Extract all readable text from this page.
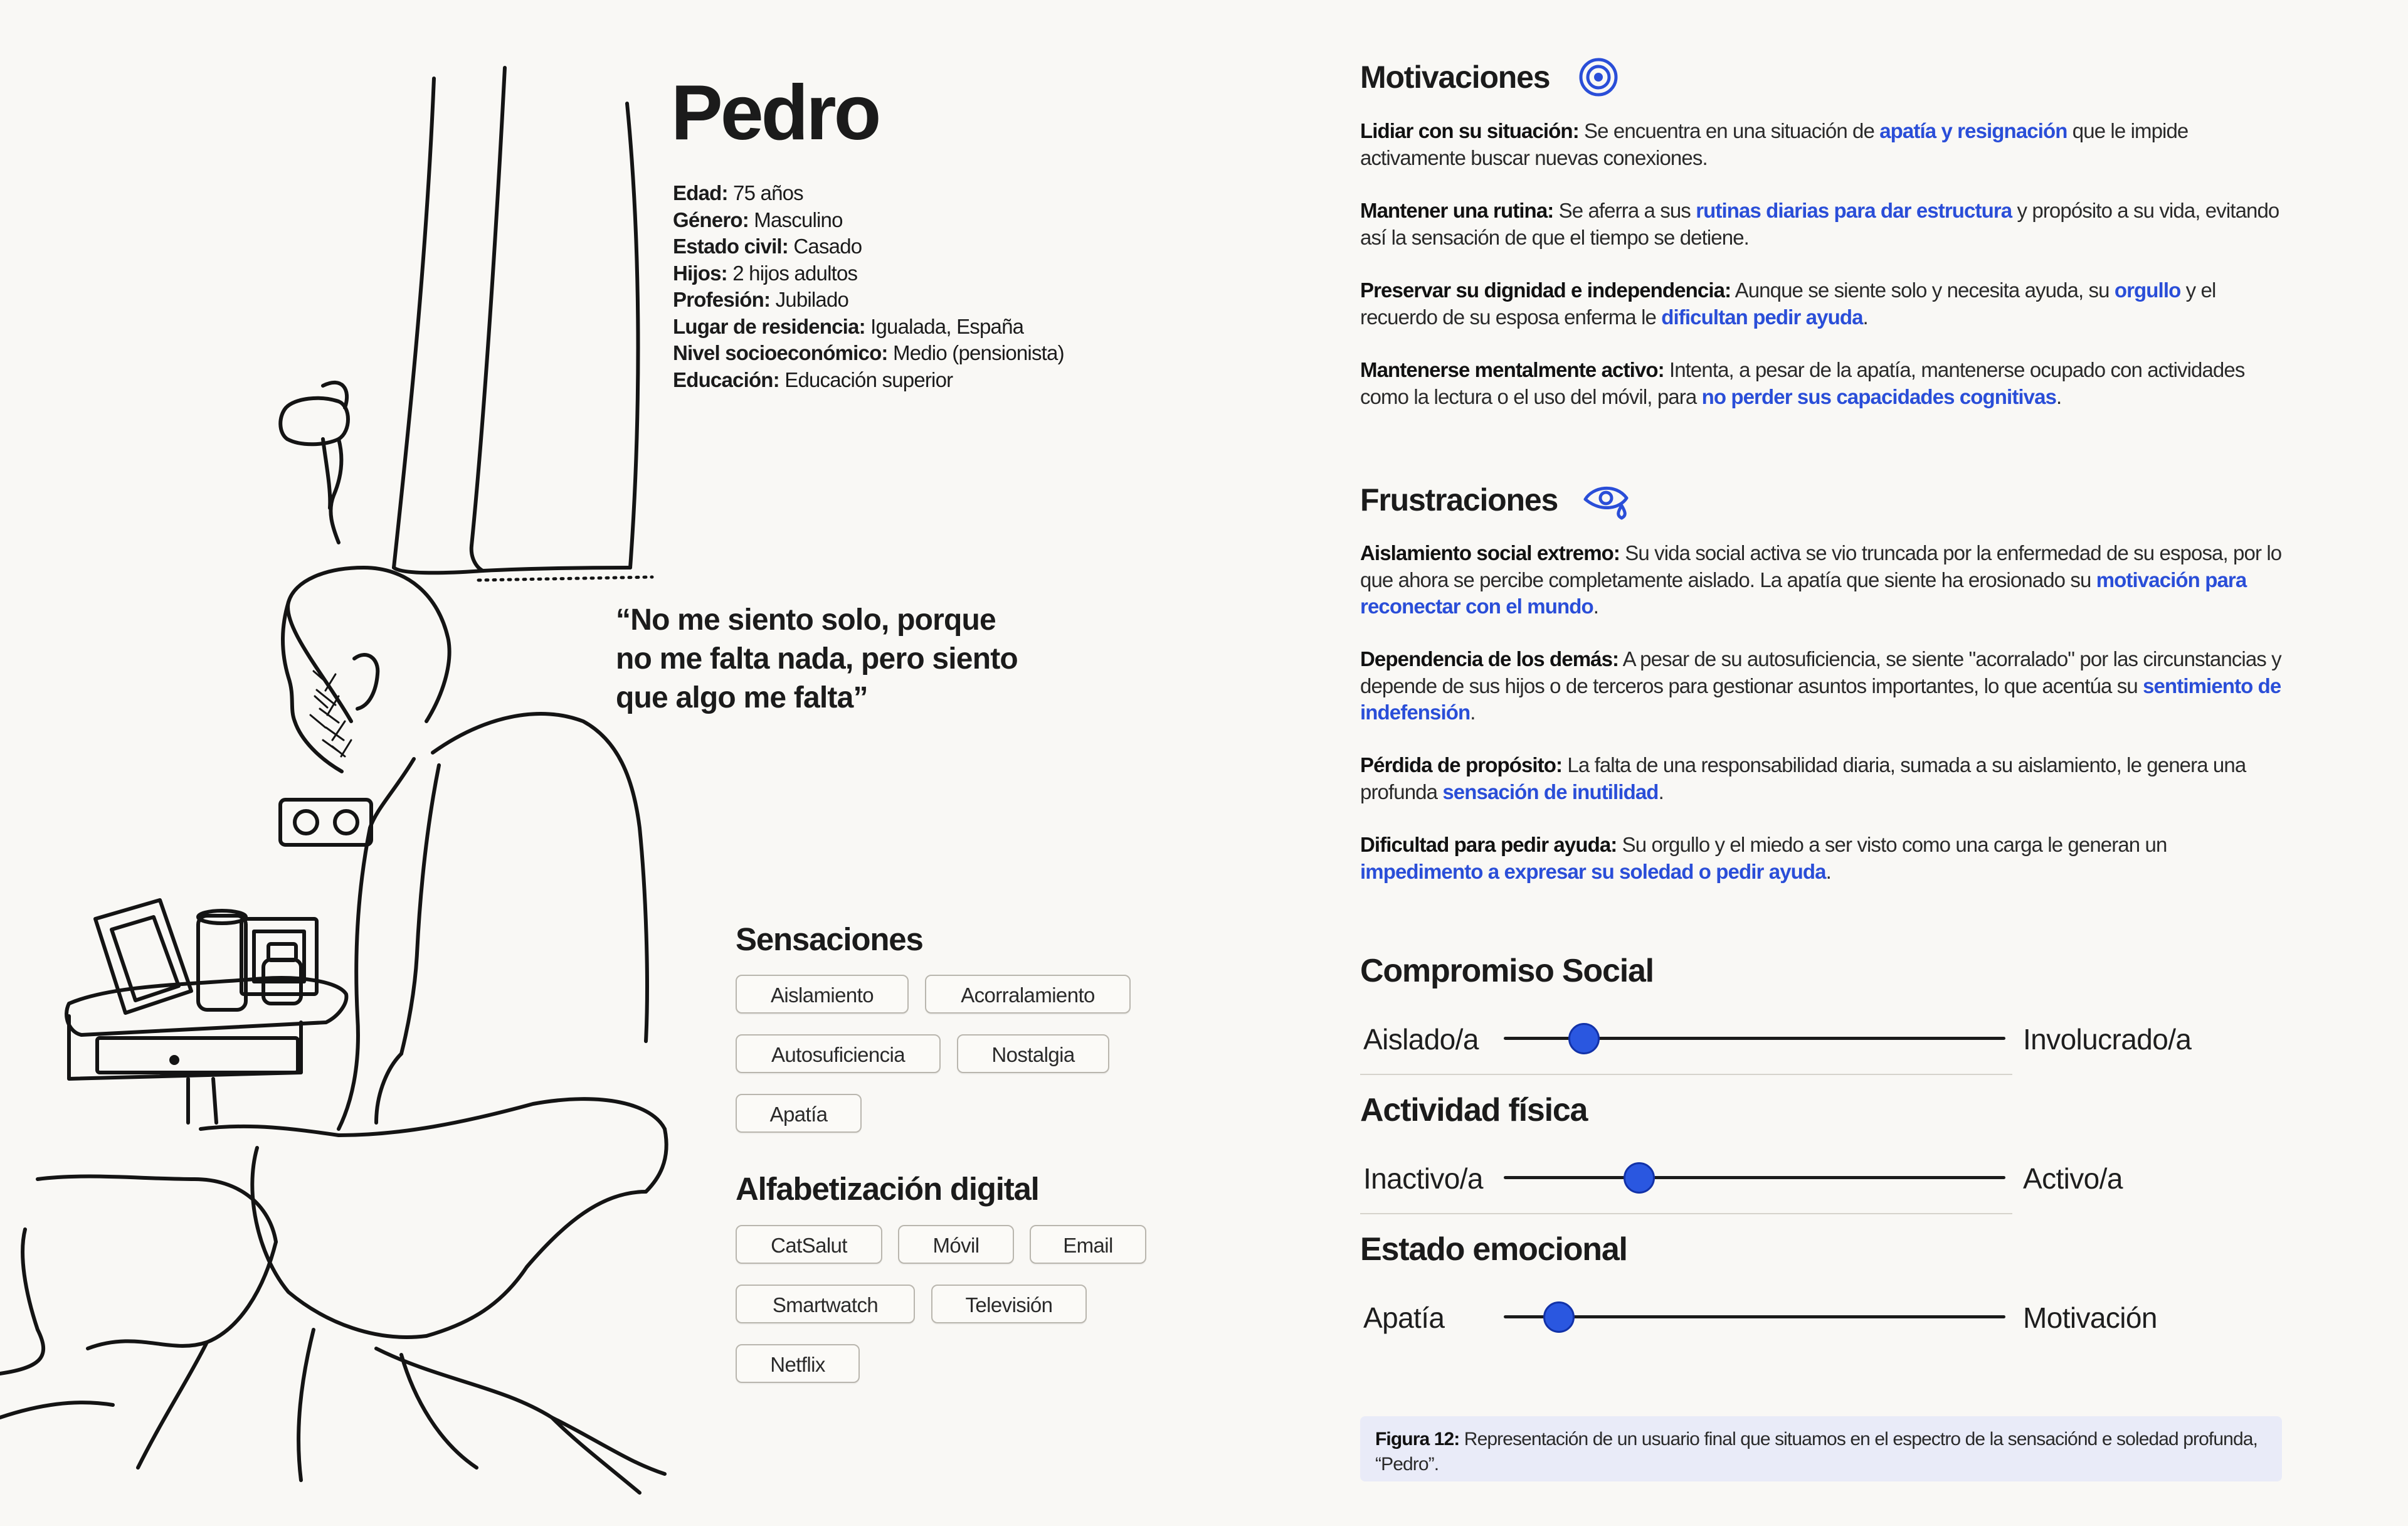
Pedro
Edad: 75 años
Género: Masculino
Estado civil: Casado
Hijos: 2 hijos adultos
Profesión: Jubilado
Lugar de residencia: Igualada, España
Nivel socioeconómico: Medio (pensionista)
Educación: Educación superior
“No me siento solo, porque
no me falta nada, pero siento
que algo me falta”
Sensaciones
Aislamiento	Acorralamiento
Autosuficiencia	Nostalgia
Apatía
Alfabetización digital
CatSalut	Móvil	Email
Smartwatch	Televisión
Netflix
Motivaciones
Lidiar con su situación: Se encuentra en una situación de apatía y resignación que le impide activamente buscar nuevas conexiones.
Mantener una rutina: Se aferra a sus rutinas diarias para dar estructura y propósito a su vida, evitando así la sensación de que el tiempo se detiene.
Preservar su dignidad e independencia: Aunque se siente solo y necesita ayuda, su orgullo y el recuerdo de su esposa enferma le dificultan pedir ayuda.
Mantenerse mentalmente activo: Intenta, a pesar de la apatía, mantenerse ocupado con actividades como la lectura o el uso del móvil, para no perder sus capacidades cognitivas.
Frustraciones
Aislamiento social extremo: Su vida social activa se vio truncada por la enfermedad de su esposa, por lo que ahora se percibe completamente aislado. La apatía que siente ha erosionado su motivación para reconectar con el mundo.
Dependencia de los demás: A pesar de su autosuficiencia, se siente "acorralado" por las circunstancias y depende de sus hijos o de terceros para gestionar asuntos importantes, lo que acentúa su sentimiento de indefensión.
Pérdida de propósito: La falta de una responsabilidad diaria, sumada a su aislamiento, le genera una profunda sensación de inutilidad.
Dificultad para pedir ayuda: Su orgullo y el miedo a ser visto como una carga le generan un impedimento a expresar su soledad o pedir ayuda.
Compromiso Social
Aislado/a	Involucrado/a
Actividad física
Inactivo/a	Activo/a
Estado emocional
Apatía	Motivación
Figura 12: Representación de un usuario final que situamos en el espectro de la sensaciónd e soledad profunda, “Pedro”.
